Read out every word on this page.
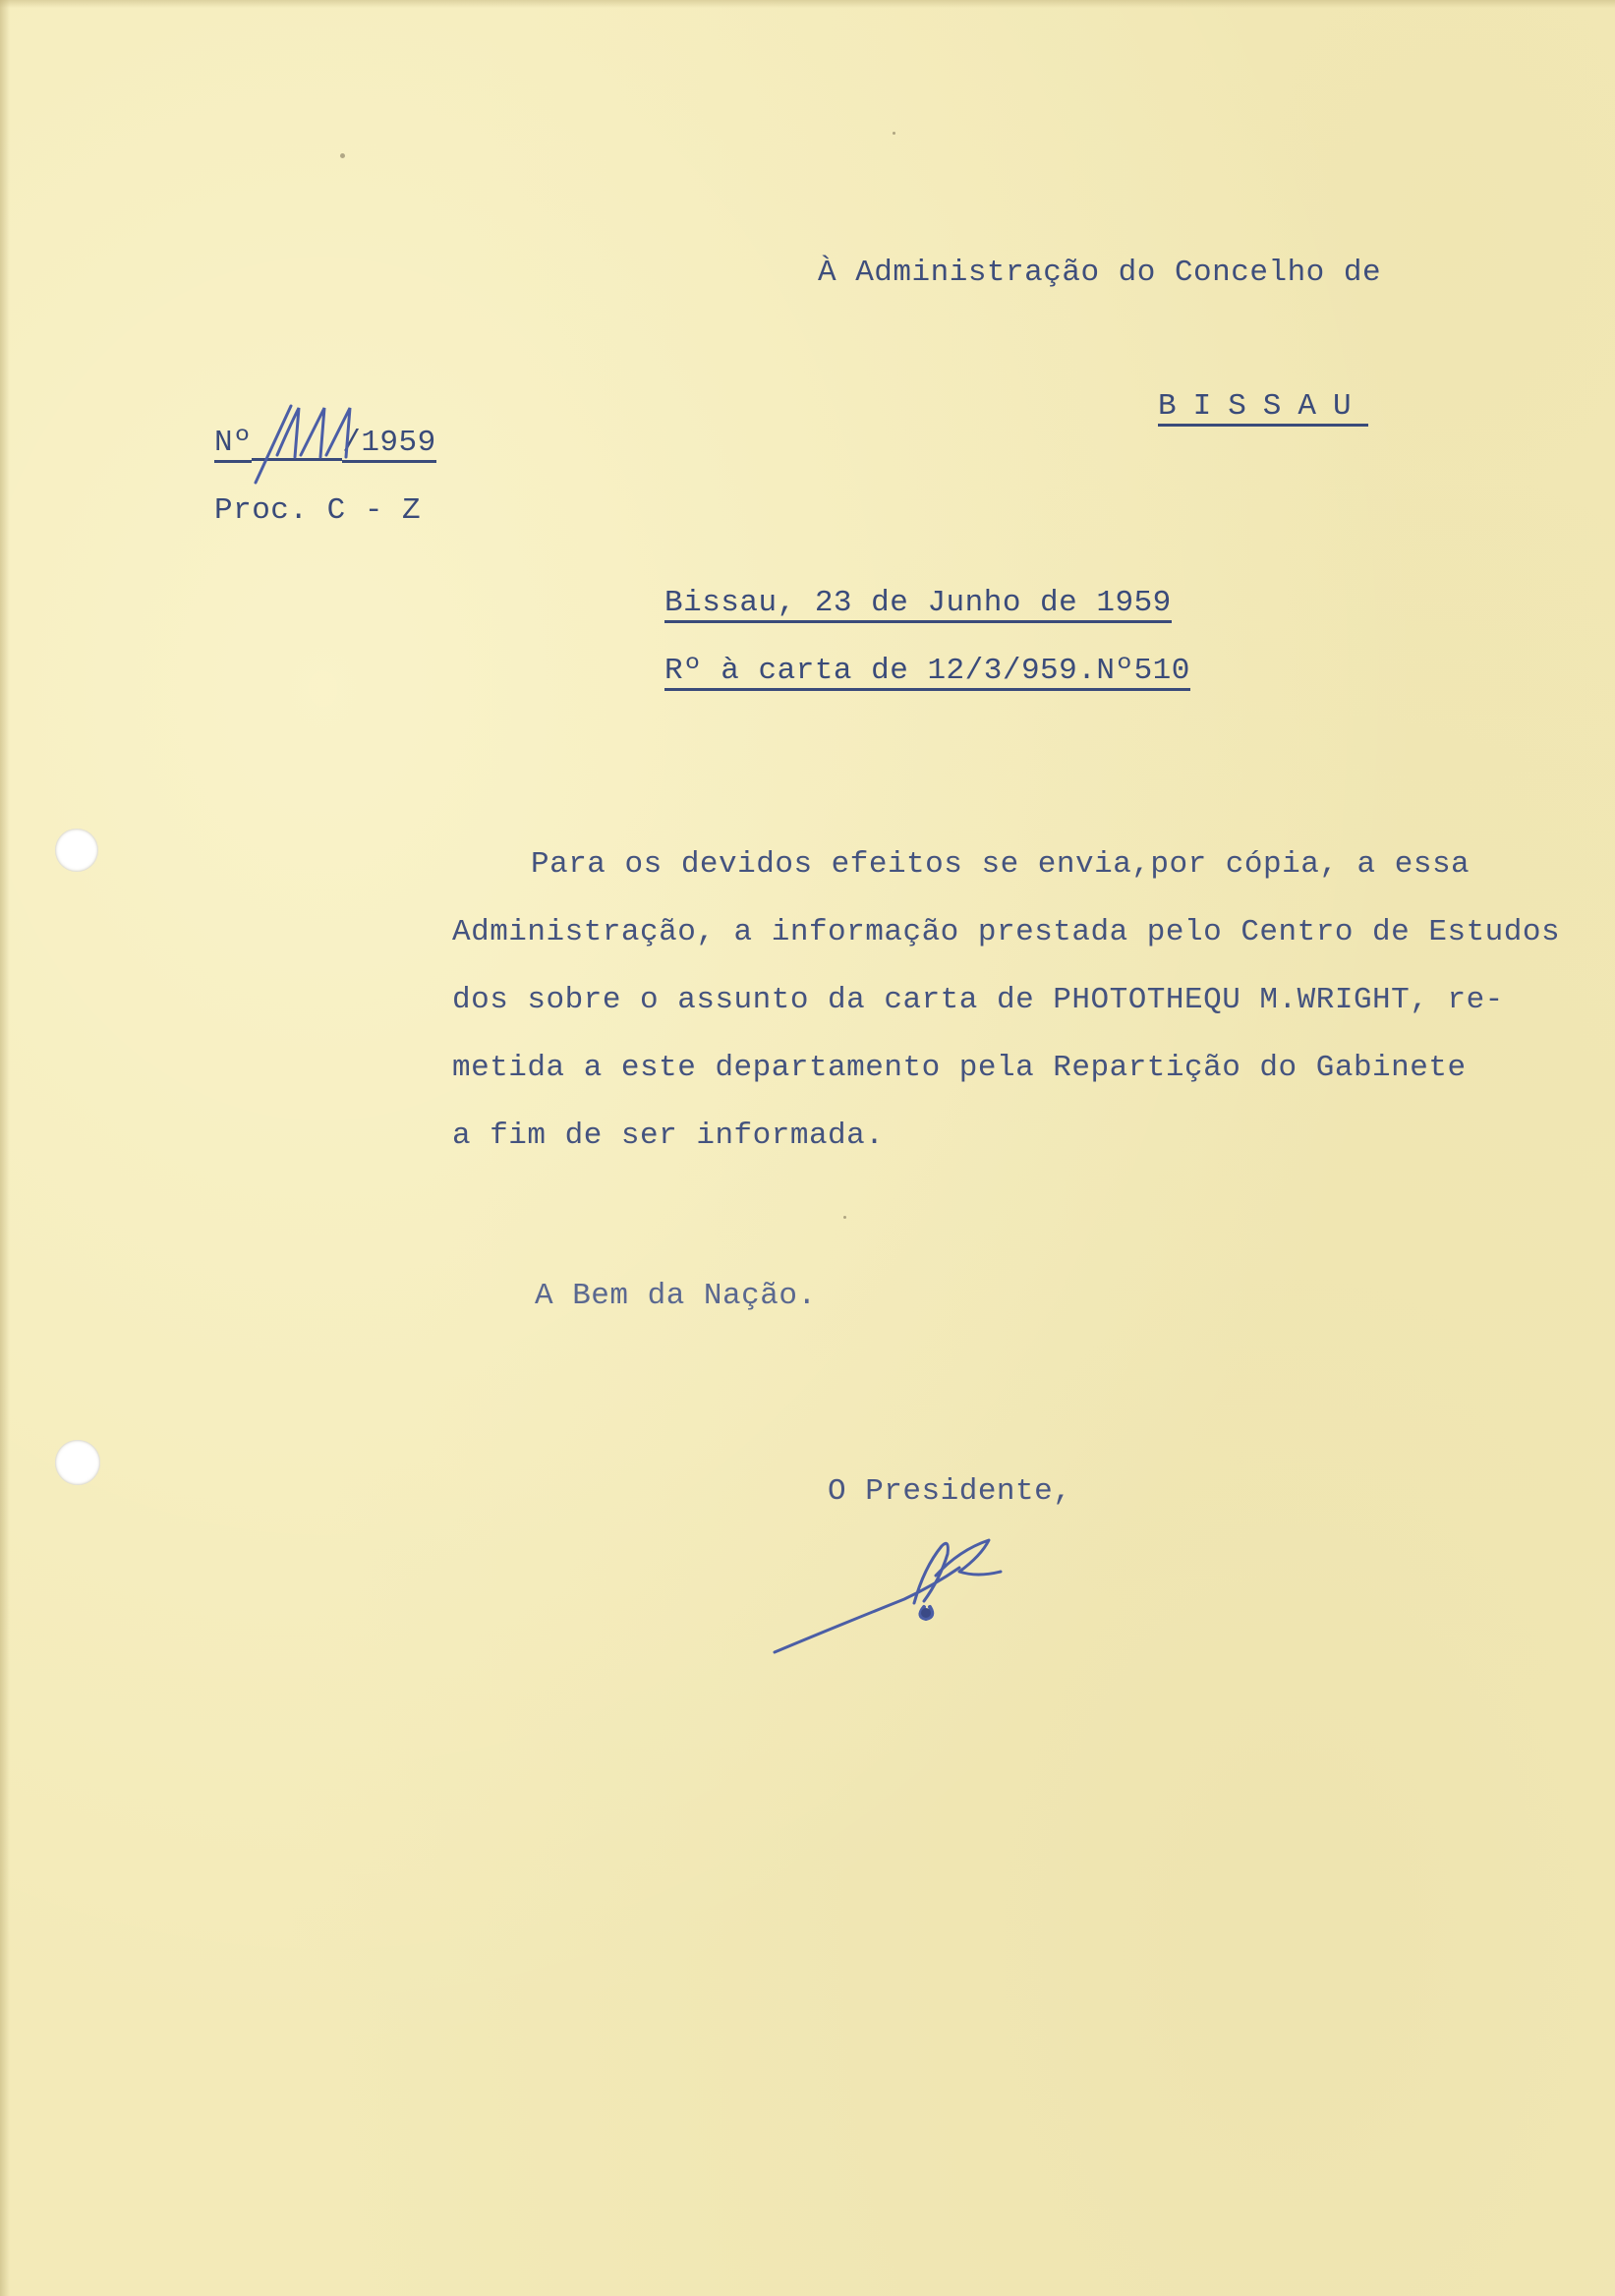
À Administração do Concelho de
BISSAU
Nº	/1959
111
Proc. C - Z
Bissau, 23 de Junho de 1959
Rº à carta de 12/3/959.Nº510
Para os devidos efeitos se envia,por cópia, a essa
Administração, a informação prestada pelo Centro de Estudos
dos sobre o assunto da carta de PHOTOTHEQU M.WRIGHT, re-
metida a este departamento pela Repartição do Gabinete
a fim de ser informada.
A Bem da Nação.
O Presidente,
